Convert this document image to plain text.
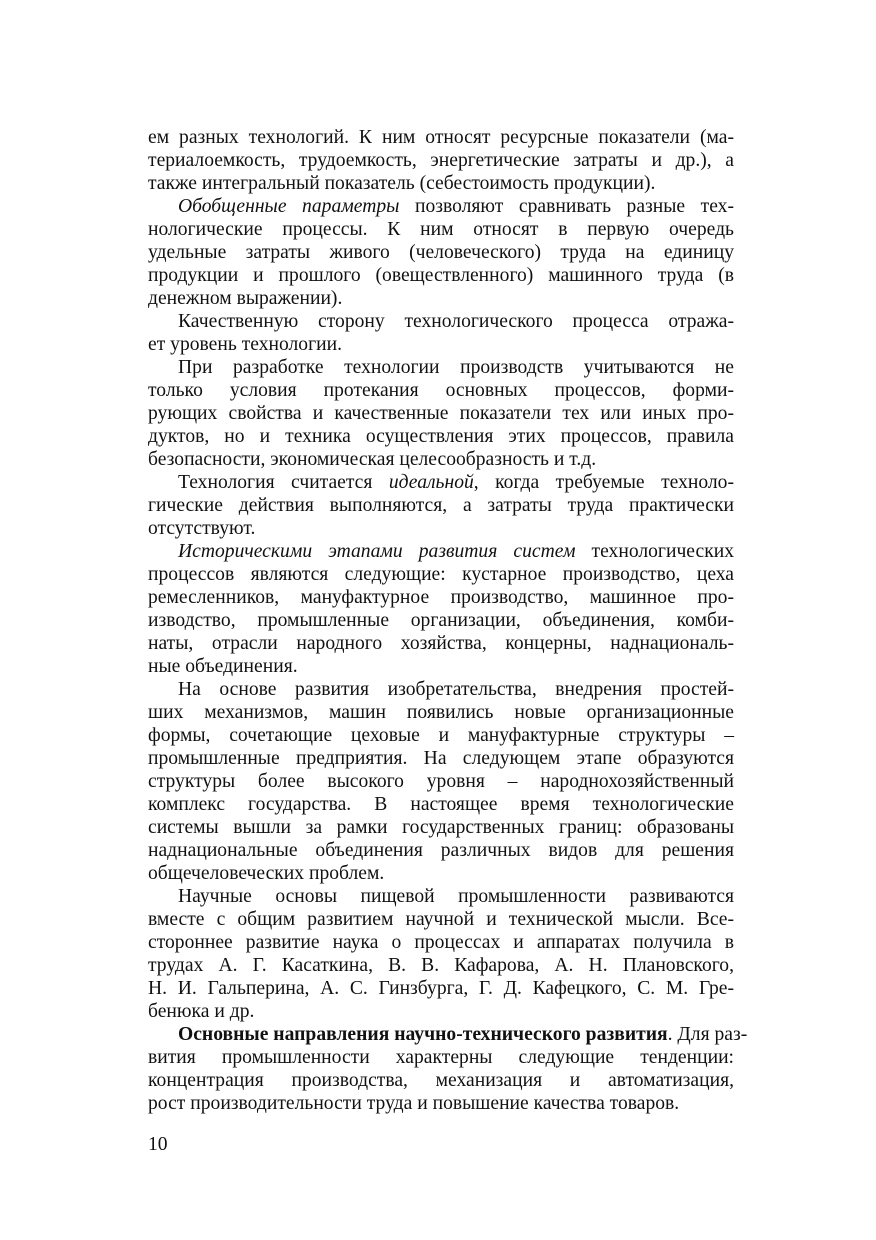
ем разных технологий. К ним относят ресурсные показатели (ма-
териалоемкость, трудоемкость, энергетические затраты и др.), а
также интегральный показатель (себестоимость продукции).
Обобщенные параметры позволяют сравнивать разные тех-
нологические процессы. К ним относят в первую очередь
удельные затраты живого (человеческого) труда на единицу
продукции и прошлого (овеществленного) машинного труда (в
денежном выражении).
Качественную сторону технологического процесса отража-
ет уровень технологии.
При разработке технологии производств учитываются не
только условия протекания основных процессов, форми-
рующих свойства и качественные показатели тех или иных про-
дуктов, но и техника осуществления этих процессов, правила
безопасности, экономическая целесообразность и т.д.
Технология считается идеальной, когда требуемые техноло-
гические действия выполняются, а затраты труда практически
отсутствуют.
Историческими этапами развития систем технологических
процессов являются следующие: кустарное производство, цеха
ремесленников, мануфактурное производство, машинное про-
изводство, промышленные организации, объединения, комби-
наты, отрасли народного хозяйства, концерны, наднациональ-
ные объединения.
На основе развития изобретательства, внедрения простей-
ших механизмов, машин появились новые организационные
формы, сочетающие цеховые и мануфактурные структуры –
промышленные предприятия. На следующем этапе образуются
структуры более высокого уровня – народнохозяйственный
комплекс государства. В настоящее время технологические
системы вышли за рамки государственных границ: образованы
наднациональные объединения различных видов для решения
общечеловеческих проблем.
Научные основы пищевой промышленности развиваются
вместе с общим развитием научной и технической мысли. Все-
стороннее развитие наука о процессах и аппаратах получила в
трудах А. Г. Касаткина, В. В. Кафарова, А. Н. Плановского,
Н. И. Гальперина, А. С. Гинзбурга, Г. Д. Кафецкого, С. М. Гре-
бенюка и др.
Основные направления научно-технического развития. Для раз-
вития промышленности характерны следующие тенденции:
концентрация производства, механизация и автоматизация,
рост производительности труда и повышение качества товаров.
10
